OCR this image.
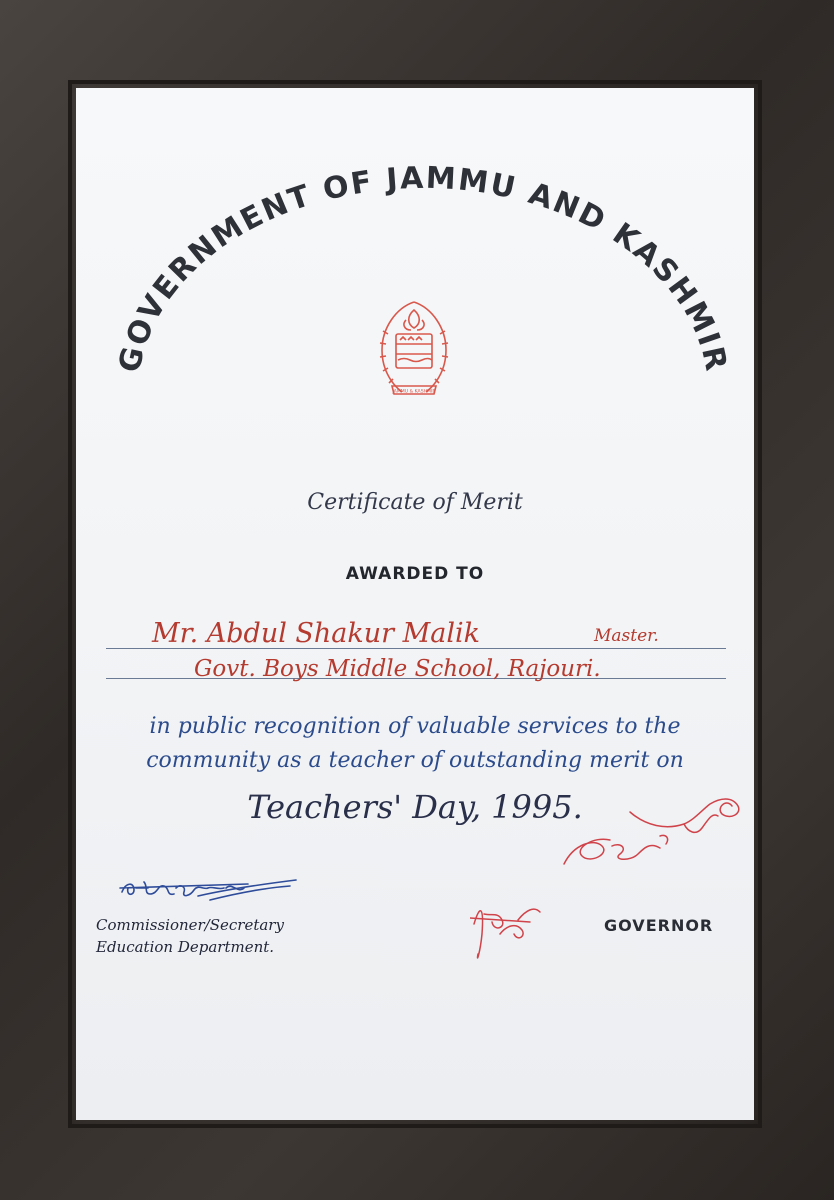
GOVERNMENT OF JAMMU AND KASHMIR
JAMMU & KASHMIR
Certificate of Merit
AWARDED TO
Mr. Abdul Shakur Malik	Master.
Govt. Boys Middle School, Rajouri.
in public recognition of valuable services to the
community as a teacher of outstanding merit on
Teachers' Day, 1995.
Commissioner/Secretary
Education Department.
GOVERNOR
